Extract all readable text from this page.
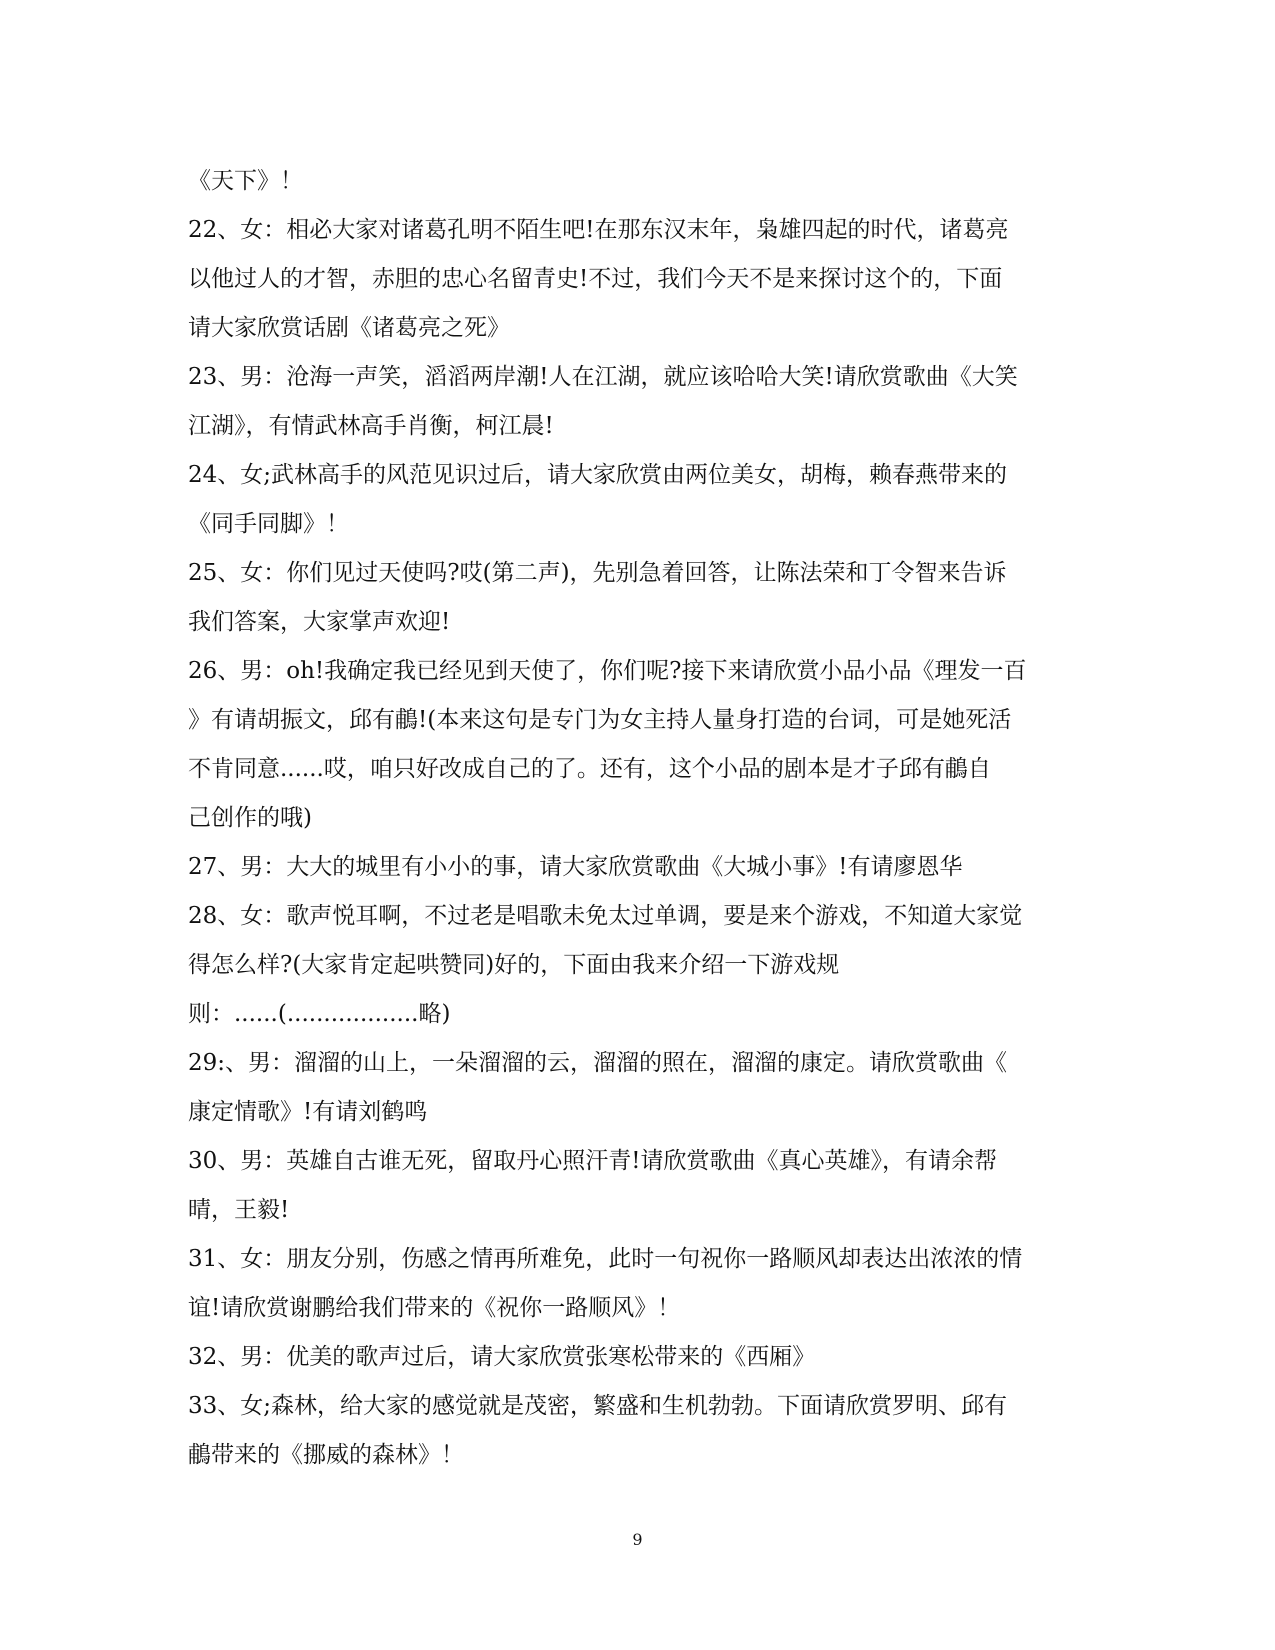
《天下》！
22、女：相必大家对诸葛孔明不陌生吧!在那东汉末年，枭雄四起的时代，诸葛亮
以他过人的才智，赤胆的忠心名留青史!不过，我们今天不是来探讨这个的，下面
请大家欣赏话剧《诸葛亮之死》
23、男：沧海一声笑，滔滔两岸潮!人在江湖，就应该哈哈大笑!请欣赏歌曲《大笑
江湖》，有情武林高手肖衡，柯江晨!
24、女;武林高手的风范见识过后，请大家欣赏由两位美女，胡梅，赖春燕带来的
《同手同脚》！
25、女：你们见过天使吗?哎(第二声)，先别急着回答，让陈法荣和丁令智来告诉
我们答案，大家掌声欢迎!
26、男：oh!我确定我已经见到天使了，你们呢?接下来请欣赏小品小品《理发一百
》有请胡振文，邱有鵏!(本来这句是专门为女主持人量身打造的台词，可是她死活
不肯同意......哎，咱只好改成自己的了。还有，这个小品的剧本是才子邱有鵏自
己创作的哦)
27、男：大大的城里有小小的事，请大家欣赏歌曲《大城小事》!有请廖恩华
28、女：歌声悦耳啊，不过老是唱歌未免太过单调，要是来个游戏，不知道大家觉
得怎么样?(大家肯定起哄赞同)好的，下面由我来介绍一下游戏规
则：......(..................略)
29:、男：溜溜的山上，一朵溜溜的云，溜溜的照在，溜溜的康定。请欣赏歌曲《
康定情歌》!有请刘鹤鸣
30、男：英雄自古谁无死，留取丹心照汗青!请欣赏歌曲《真心英雄》，有请余帮
晴，王毅!
31、女：朋友分别，伤感之情再所难免，此时一句祝你一路顺风却表达出浓浓的情
谊!请欣赏谢鹏给我们带来的《祝你一路顺风》！
32、男：优美的歌声过后，请大家欣赏张寒松带来的《西厢》
33、女;森林，给大家的感觉就是茂密，繁盛和生机勃勃。下面请欣赏罗明、邱有
鵏带来的《挪威的森林》！
9
